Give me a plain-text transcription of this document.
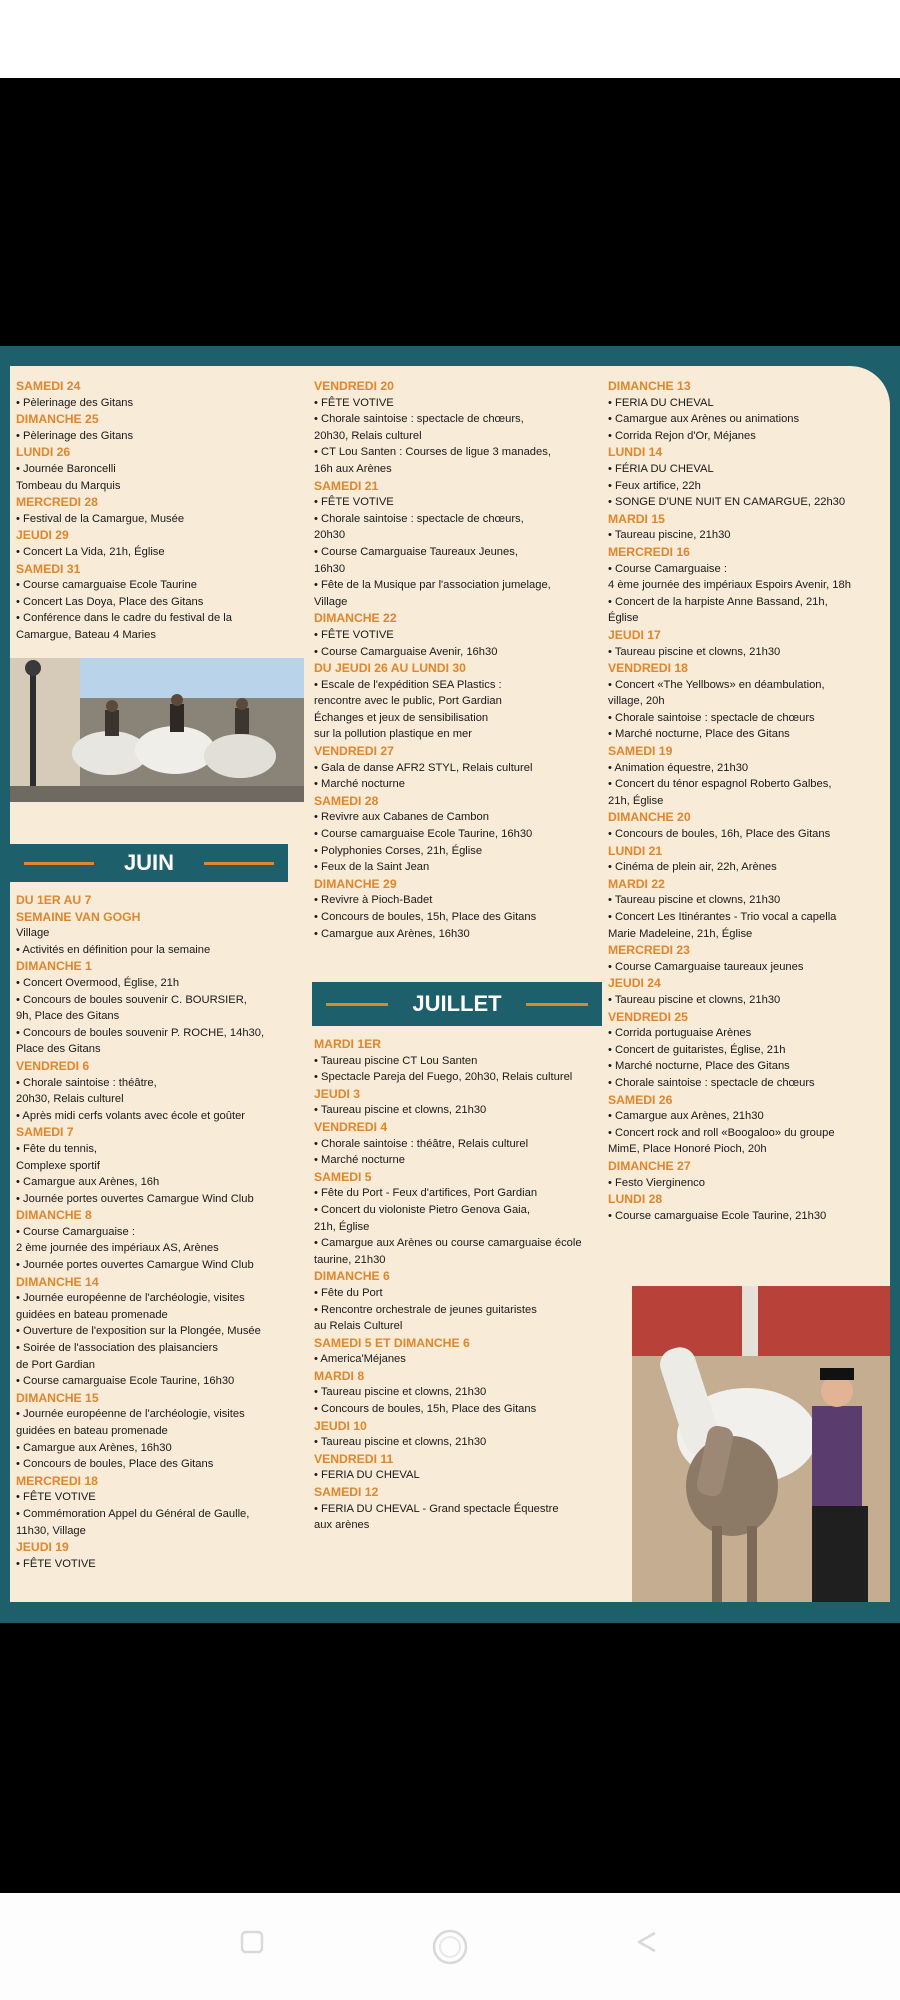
SAMEDI 24
• Pèlerinage des Gitans
DIMANCHE 25
• Pèlerinage des Gitans
LUNDI 26
• Journée Baroncelli
Tombeau du Marquis
MERCREDI 28
• Festival de la Camargue, Musée
JEUDI 29
• Concert La Vida, 21h, Église
SAMEDI 31
• Course camarguaise Ecole Taurine
• Concert Las Doya, Place des Gitans
• Conférence dans le cadre du festival de la
Camargue, Bateau 4 Maries
JUIN
DU 1ER AU 7
SEMAINE VAN GOGH
Village
• Activités en définition pour la semaine
DIMANCHE 1
• Concert Overmood, Église, 21h
• Concours de boules souvenir C. BOURSIER,
9h, Place des Gitans
• Concours de boules souvenir P. ROCHE, 14h30,
Place des Gitans
VENDREDI 6
• Chorale saintoise : théâtre,
20h30, Relais culturel
• Après midi cerfs volants avec école et goûter
SAMEDI 7
• Fête du tennis,
Complexe sportif
• Camargue aux Arènes, 16h
• Journée portes ouvertes Camargue Wind Club
DIMANCHE 8
• Course Camarguaise :
2 ème journée des impériaux AS, Arènes
• Journée portes ouvertes Camargue Wind Club
DIMANCHE 14
• Journée européenne de l'archéologie, visites
guidées en bateau promenade
• Ouverture de l'exposition sur la Plongée, Musée
• Soirée de l'association des plaisanciers
de Port Gardian
• Course camarguaise Ecole Taurine, 16h30
DIMANCHE 15
• Journée européenne de l'archéologie, visites
guidées en bateau promenade
• Camargue aux Arènes, 16h30
• Concours de boules, Place des Gitans
MERCREDI 18
• FÊTE VOTIVE
• Commémoration Appel du Général de Gaulle,
11h30, Village
JEUDI 19
• FÊTE VOTIVE
VENDREDI 20
• FÊTE VOTIVE
• Chorale saintoise : spectacle de chœurs,
20h30, Relais culturel
• CT Lou Santen : Courses de ligue 3 manades,
16h aux Arènes
SAMEDI 21
• FÊTE VOTIVE
• Chorale saintoise : spectacle de chœurs,
20h30
• Course Camarguaise Taureaux Jeunes,
16h30
• Fête de la Musique par l'association jumelage,
Village
DIMANCHE 22
• FÊTE VOTIVE
• Course Camarguaise Avenir, 16h30
DU JEUDI 26 AU LUNDI 30
• Escale de l'expédition SEA Plastics :
rencontre avec le public, Port Gardian
Échanges et jeux de sensibilisation
sur la pollution plastique en mer
VENDREDI 27
• Gala de danse AFR2 STYL, Relais culturel
• Marché nocturne
SAMEDI 28
• Revivre aux Cabanes de Cambon
• Course camarguaise Ecole Taurine, 16h30
• Polyphonies Corses, 21h, Église
• Feux de la Saint Jean
DIMANCHE 29
• Revivre à Pioch-Badet
• Concours de boules, 15h, Place des Gitans
• Camargue aux Arènes, 16h30
JUILLET
MARDI 1ER
• Taureau piscine CT Lou Santen
• Spectacle Pareja del Fuego, 20h30, Relais culturel
JEUDI 3
• Taureau piscine et clowns, 21h30
VENDREDI 4
• Chorale saintoise : théâtre, Relais culturel
• Marché nocturne
SAMEDI 5
• Fête du Port - Feux d'artifices, Port Gardian
• Concert du violoniste Pietro Genova Gaia,
21h, Église
• Camargue aux Arènes ou course camarguaise école
taurine, 21h30
DIMANCHE 6
• Fête du Port
• Rencontre orchestrale de jeunes guitaristes
au Relais Culturel
SAMEDI 5 ET DIMANCHE 6
• America'Méjanes
MARDI 8
• Taureau piscine et clowns, 21h30
• Concours de boules, 15h, Place des Gitans
JEUDI 10
• Taureau piscine et clowns, 21h30
VENDREDI 11
• FERIA DU CHEVAL
SAMEDI 12
• FERIA DU CHEVAL - Grand spectacle Équestre
aux arènes
DIMANCHE 13
• FERIA DU CHEVAL
• Camargue aux Arènes ou animations
• Corrida Rejon d'Or, Méjanes
LUNDI 14
• FÉRIA DU CHEVAL
• Feux artifice, 22h
• SONGE D'UNE NUIT EN CAMARGUE, 22h30
MARDI 15
• Taureau piscine, 21h30
MERCREDI 16
• Course Camarguaise :
4 ème journée des impériaux Espoirs Avenir, 18h
• Concert de la harpiste Anne Bassand, 21h,
Église
JEUDI 17
• Taureau piscine et clowns, 21h30
VENDREDI 18
• Concert «The Yellbows» en déambulation,
village, 20h
• Chorale saintoise : spectacle de chœurs
• Marché nocturne, Place des Gitans
SAMEDI 19
• Animation équestre, 21h30
• Concert du ténor espagnol Roberto Galbes,
21h, Église
DIMANCHE 20
• Concours de boules, 16h, Place des Gitans
LUNDI 21
• Cinéma de plein air, 22h, Arènes
MARDI 22
• Taureau piscine et clowns, 21h30
• Concert Les Itinérantes - Trio vocal a capella
Marie Madeleine, 21h, Église
MERCREDI 23
• Course Camarguaise taureaux jeunes
JEUDI 24
• Taureau piscine et clowns, 21h30
VENDREDI 25
• Corrida portuguaise Arènes
• Concert de guitaristes, Église, 21h
• Marché nocturne, Place des Gitans
• Chorale saintoise : spectacle de chœurs
SAMEDI 26
• Camargue aux Arènes, 21h30
• Concert rock and roll «Boogaloo» du groupe
MimE, Place Honoré Pioch, 20h
DIMANCHE 27
• Festo Vierginenco
LUNDI 28
• Course camarguaise Ecole Taurine, 21h30
